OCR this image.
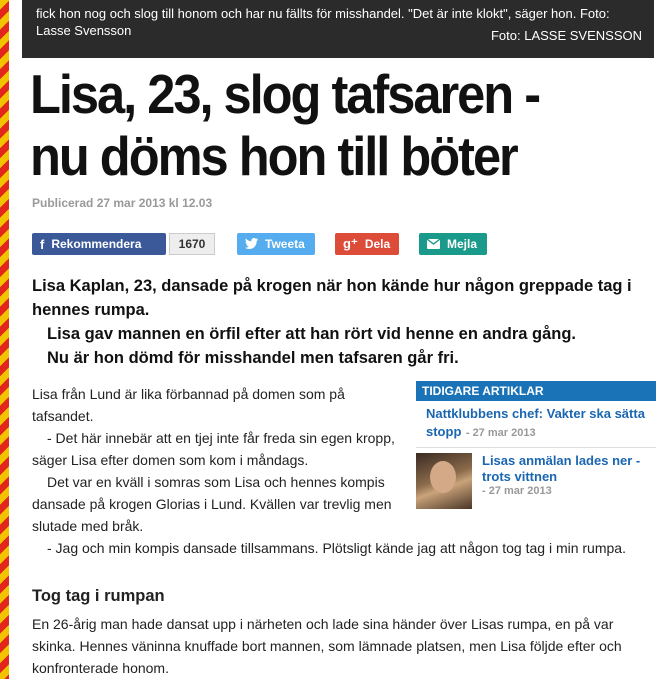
fick hon nog och slog till honom och har nu fällts för misshandel. "Det är inte klokt", säger hon. Foto:
Lasse Svensson	Foto: LASSE SVENSSON
Lisa, 23, slog tafsaren -
nu döms hon till böter
Publicerad 27 mar 2013 kl 12.03
f Rekommendera	1670	Tweeta	g⁺ Dela	Mejla

Lisa Kaplan, 23, dansade på krogen när hon kände hur någon greppade tag i hennes rumpa.

Lisa gav mannen en örfil efter att han rört vid henne en andra gång.

Nu är hon dömd för misshandel men tafsaren går fri.

Lisa från Lund är lika förbannad på domen som på tafsandet.

- Det här innebär att en tjej inte får freda sin egen kropp, säger Lisa efter domen som kom i måndags.

Det var en kväll i somras som Lisa och hennes kompis dansade på krogen Glorias i Lund. Kvällen var trevlig men slutade med bråk.

- Jag och min kompis dansade tillsammans. Plötsligt kände jag att någon tog tag i min rumpa.

Tog tag i rumpan

En 26-årig man hade dansat upp i närheten och lade sina händer över Lisas rumpa, en på var skinka. Hennes väninna knuffade bort mannen, som lämnade platsen, men Lisa följde efter och konfronterade honom.

TIDIGARE ARTIKLAR
Nattklubbens chef: Vakter ska sätta stopp - 27 mar 2013
Lisas anmälan lades ner - trots vittnen
- 27 mar 2013
